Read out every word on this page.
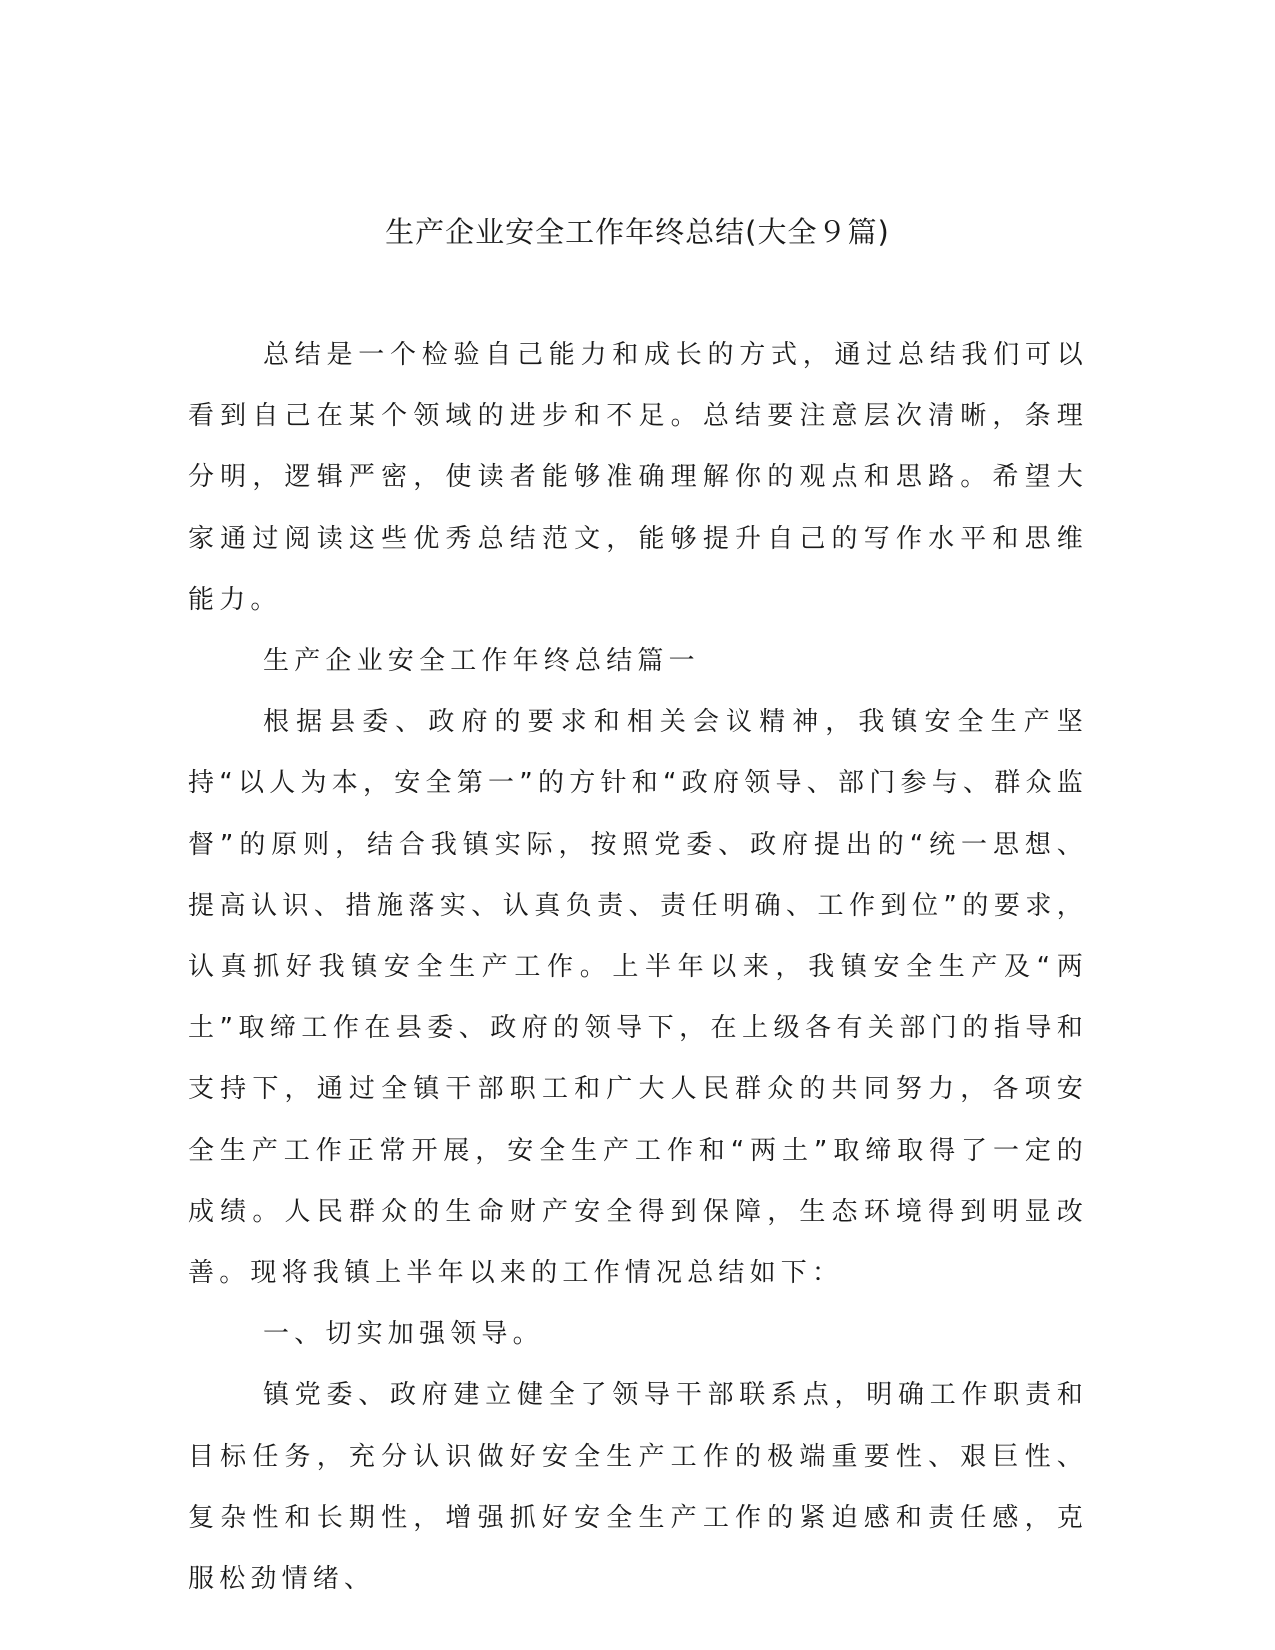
生产企业安全工作年终总结(大全９篇)

总结是一个检验自己能力和成长的方式，通过总结我们可以看到自己在某个领域的进步和不足。总结要注意层次清晰，条理分明，逻辑严密，使读者能够准确理解你的观点和思路。希望大家通过阅读这些优秀总结范文，能够提升自己的写作水平和思维能力。

生产企业安全工作年终总结篇一

根据县委、政府的要求和相关会议精神，我镇安全生产坚持“以人为本，安全第一”的方针和“政府领导、部门参与、群众监督”的原则，结合我镇实际，按照党委、政府提出的“统一思想、提高认识、措施落实、认真负责、责任明确、工作到位”的要求，认真抓好我镇安全生产工作。上半年以来，我镇安全生产及“两土”取缔工作在县委、政府的领导下，在上级各有关部门的指导和支持下，通过全镇干部职工和广大人民群众的共同努力，各项安全生产工作正常开展，安全生产工作和“两土”取缔取得了一定的成绩。人民群众的生命财产安全得到保障，生态环境得到明显改善。现将我镇上半年以来的工作情况总结如下：

一、切实加强领导。

镇党委、政府建立健全了领导干部联系点，明确工作职责和目标任务，充分认识做好安全生产工作的极端重要性、艰巨性、复杂性和长期性，增强抓好安全生产工作的紧迫感和责任感，克服松劲情绪、
